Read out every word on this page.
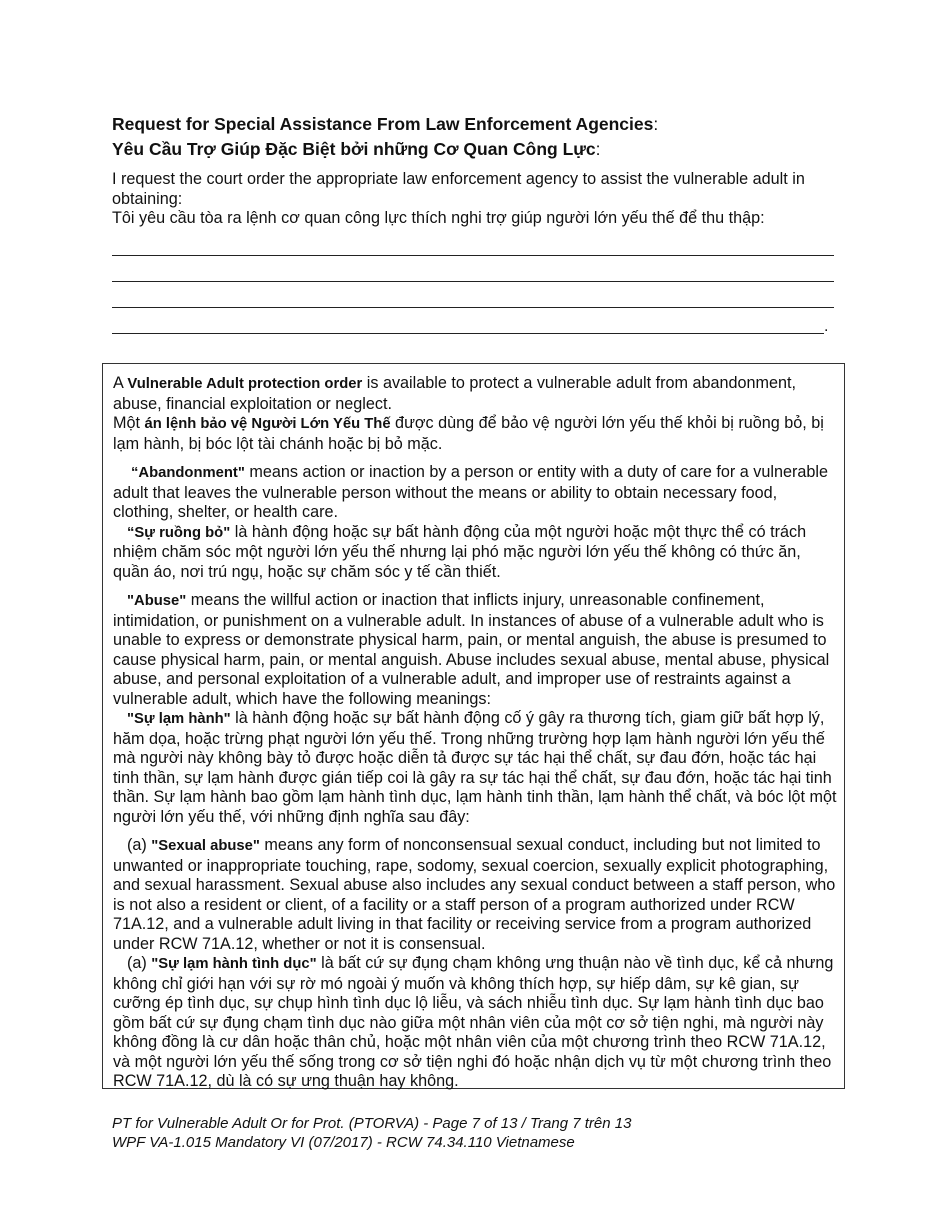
Request for Special Assistance From Law Enforcement Agencies:
Yêu Cầu Trợ Giúp Đặc Biệt bởi những Cơ Quan Công Lực:
I request the court order the appropriate law enforcement agency to assist the vulnerable adult in obtaining:
Tôi yêu cầu tòa ra lệnh cơ quan công lực thích nghi trợ giúp người lớn yếu thế để thu thập:
.

A Vulnerable Adult protection order is available to protect a vulnerable adult from abandonment, abuse, financial exploitation or neglect.

Một án lệnh bảo vệ Người Lớn Yếu Thế được dùng để bảo vệ người lớn yếu thế khỏi bị ruồng bỏ, bị lạm hành, bị bóc lột tài chánh hoặc bị bỏ mặc.

“Abandonment" means action or inaction by a person or entity with a duty of care for a vulnerable adult that leaves the vulnerable person without the means or ability to obtain necessary food, clothing, shelter, or health care.

“Sự ruồng bỏ" là hành động hoặc sự bất hành động của một người hoặc một thực thể có trách nhiệm chăm sóc một người lớn yếu thế nhưng lại phó mặc người lớn yếu thế không có thức ăn, quần áo, nơi trú ngụ, hoặc sự chăm sóc y tế cần thiết.

"Abuse" means the willful action or inaction that inflicts injury, unreasonable confinement, intimidation, or punishment on a vulnerable adult. In instances of abuse of a vulnerable adult who is unable to express or demonstrate physical harm, pain, or mental anguish, the abuse is presumed to cause physical harm, pain, or mental anguish. Abuse includes sexual abuse, mental abuse, physical abuse, and personal exploitation of a vulnerable adult, and improper use of restraints against a vulnerable adult, which have the following meanings:

"Sự lạm hành" là hành động hoặc sự bất hành động cố ý gây ra thương tích, giam giữ bất hợp lý, hăm dọa, hoặc trừng phạt người lớn yếu thế. Trong những trường hợp lạm hành người lớn yếu thế mà người này không bày tỏ được hoặc diễn tả được sự tác hại thể chất, sự đau đớn, hoặc tác hại tinh thần, sự lạm hành được gián tiếp coi là gây ra sự tác hại thể chất, sự đau đớn, hoặc tác hại tinh thần. Sự lạm hành bao gồm lạm hành tình dục, lạm hành tinh thần, lạm hành thể chất, và bóc lột một người lớn yếu thế, với những định nghĩa sau đây:

(a) "Sexual abuse" means any form of nonconsensual sexual conduct, including but not limited to unwanted or inappropriate touching, rape, sodomy, sexual coercion, sexually explicit photographing, and sexual harassment. Sexual abuse also includes any sexual conduct between a staff person, who is not also a resident or client, of a facility or a staff person of a program authorized under RCW 71A.12, and a vulnerable adult living in that facility or receiving service from a program authorized under RCW 71A.12, whether or not it is consensual.

(a) "Sự lạm hành tình dục" là bất cứ sự đụng chạm không ưng thuận nào về tình dục, kể cả nhưng không chỉ giới hạn với sự rờ mó ngoài ý muốn và không thích hợp, sự hiếp dâm, sự kê gian, sự cưỡng ép tình dục, sự chụp hình tình dục lộ liễu, và sách nhiễu tình dục. Sự lạm hành tình dục bao gồm bất cứ sự đụng chạm tình dục nào giữa một nhân viên của một cơ sở tiện nghi, mà người này không đồng là cư dân hoặc thân chủ, hoặc một nhân viên của một chương trình theo RCW 71A.12, và một người lớn yếu thế sống trong cơ sở tiện nghi đó hoặc nhận dịch vụ từ một chương trình theo RCW 71A.12, dù là có sự ưng thuận hay không.

PT for Vulnerable Adult Or for Prot. (PTORVA) - Page 7 of 13 / Trang 7 trên 13
WPF VA-1.015 Mandatory VI (07/2017) - RCW 74.34.110 Vietnamese
